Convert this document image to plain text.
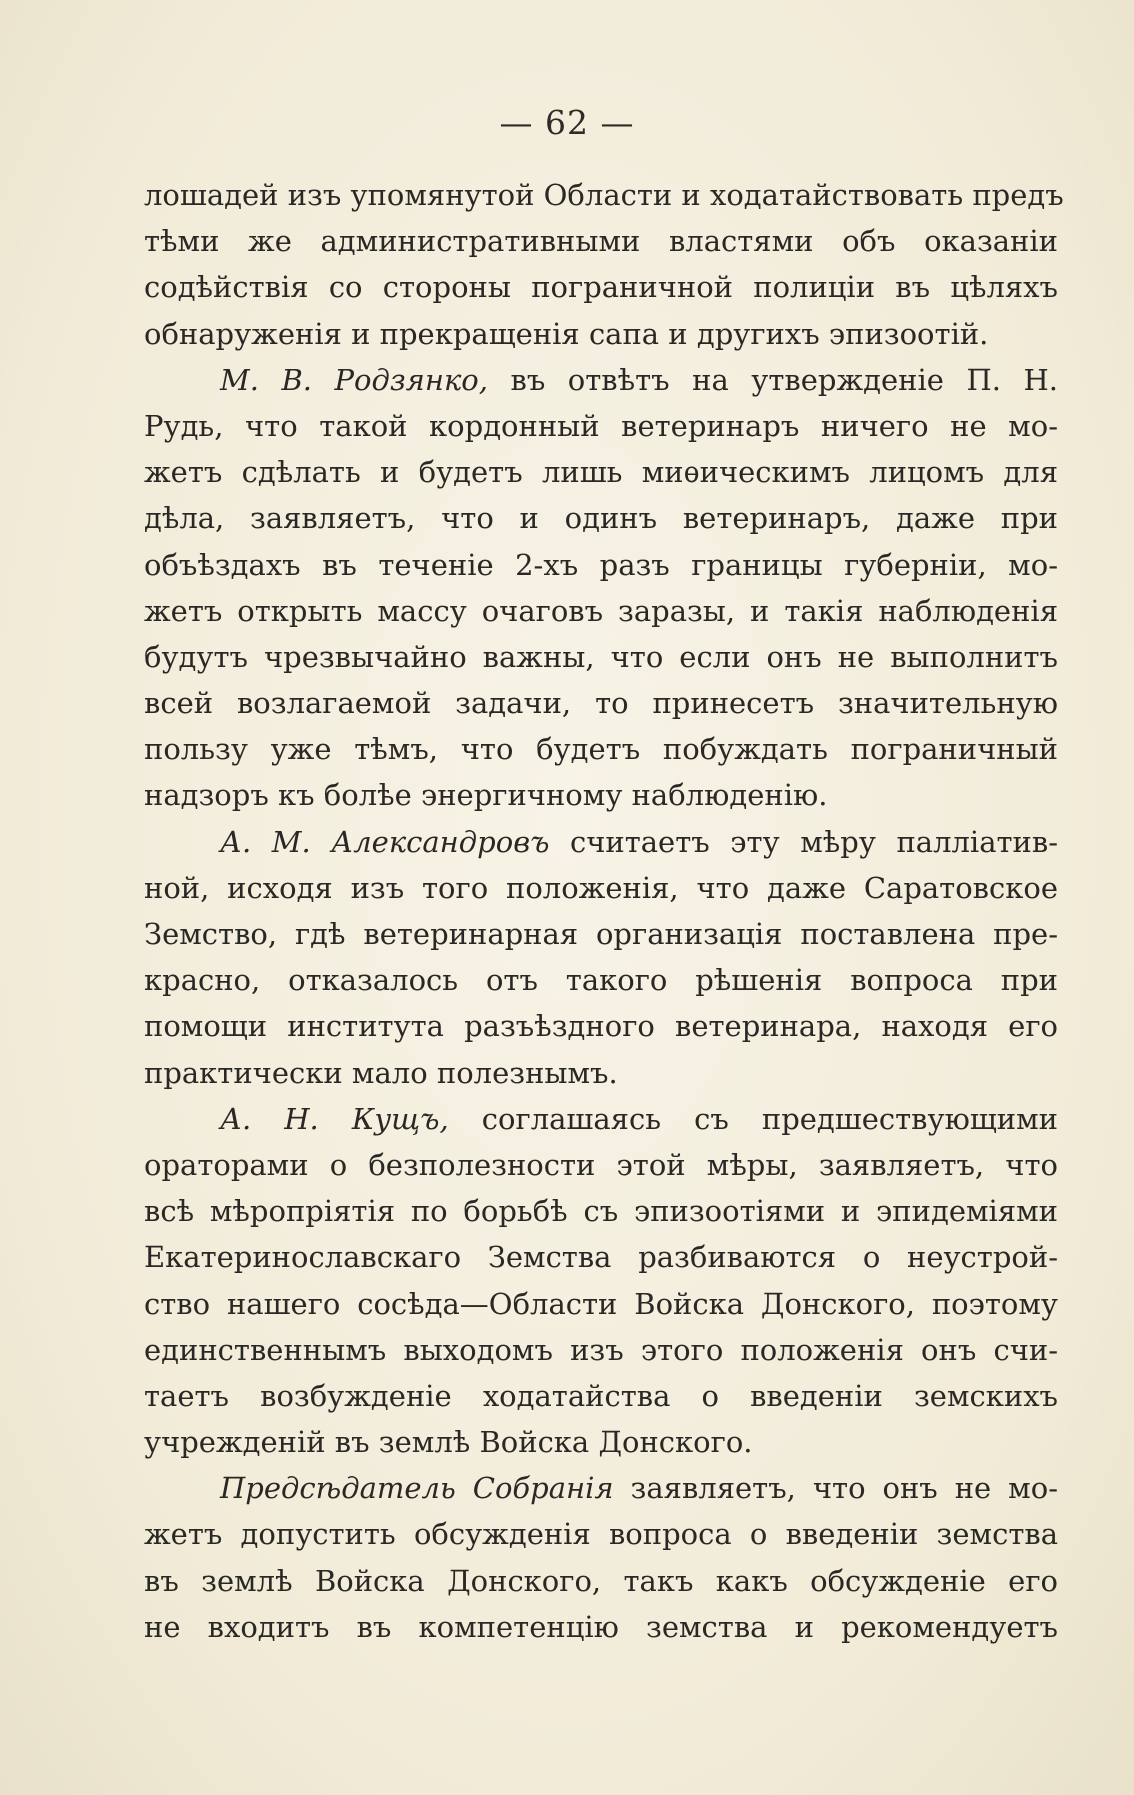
— 62 —
лошадей изъ упомянутой Области и ходатайствовать предъ
тѣми же административными властями объ оказаніи
содѣйствія со стороны пограничной полиціи въ цѣляхъ
обнаруженія и прекращенія сапа и другихъ эпизоотій.
М. В. Родзянко, въ отвѣтъ на утвержденіе П. Н.
Рудь, что такой кордонный ветеринаръ ничего не мо-
жетъ сдѣлать и будетъ лишь миѳическимъ лицомъ для
дѣла, заявляетъ, что и одинъ ветеринаръ, даже при
объѣздахъ въ теченіе 2-хъ разъ границы губерніи, мо-
жетъ открыть массу очаговъ заразы, и такія наблюденія
будутъ чрезвычайно важны, что если онъ не выполнитъ
всей возлагаемой задачи, то принесетъ значительную
пользу уже тѣмъ, что будетъ побуждать пограничный
надзоръ къ болѣе энергичному наблюденію.
А. М. Александровъ считаетъ эту мѣру палліатив-
ной, исходя изъ того положенія, что даже Саратовское
Земство, гдѣ ветеринарная организація поставлена пре-
красно, отказалось отъ такого рѣшенія вопроса при
помощи института разъѣздного ветеринара, находя его
практически мало полезнымъ.
А. Н. Кущъ, соглашаясь съ предшествующими
ораторами о безполезности этой мѣры, заявляетъ, что
всѣ мѣропріятія по борьбѣ съ эпизоотіями и эпидеміями
Екатеринославскаго Земства разбиваются о неустрой-
ство нашего сосѣда—Области Войска Донского, поэтому
единственнымъ выходомъ изъ этого положенія онъ счи-
таетъ возбужденіе ходатайства о введеніи земскихъ
учрежденій въ землѣ Войска Донского.
Предсѣдатель Собранія заявляетъ, что онъ не мо-
жетъ допустить обсужденія вопроса о введеніи земства
въ землѣ Войска Донского, такъ какъ обсужденіе его
не входитъ въ компетенцію земства и рекомендуетъ
